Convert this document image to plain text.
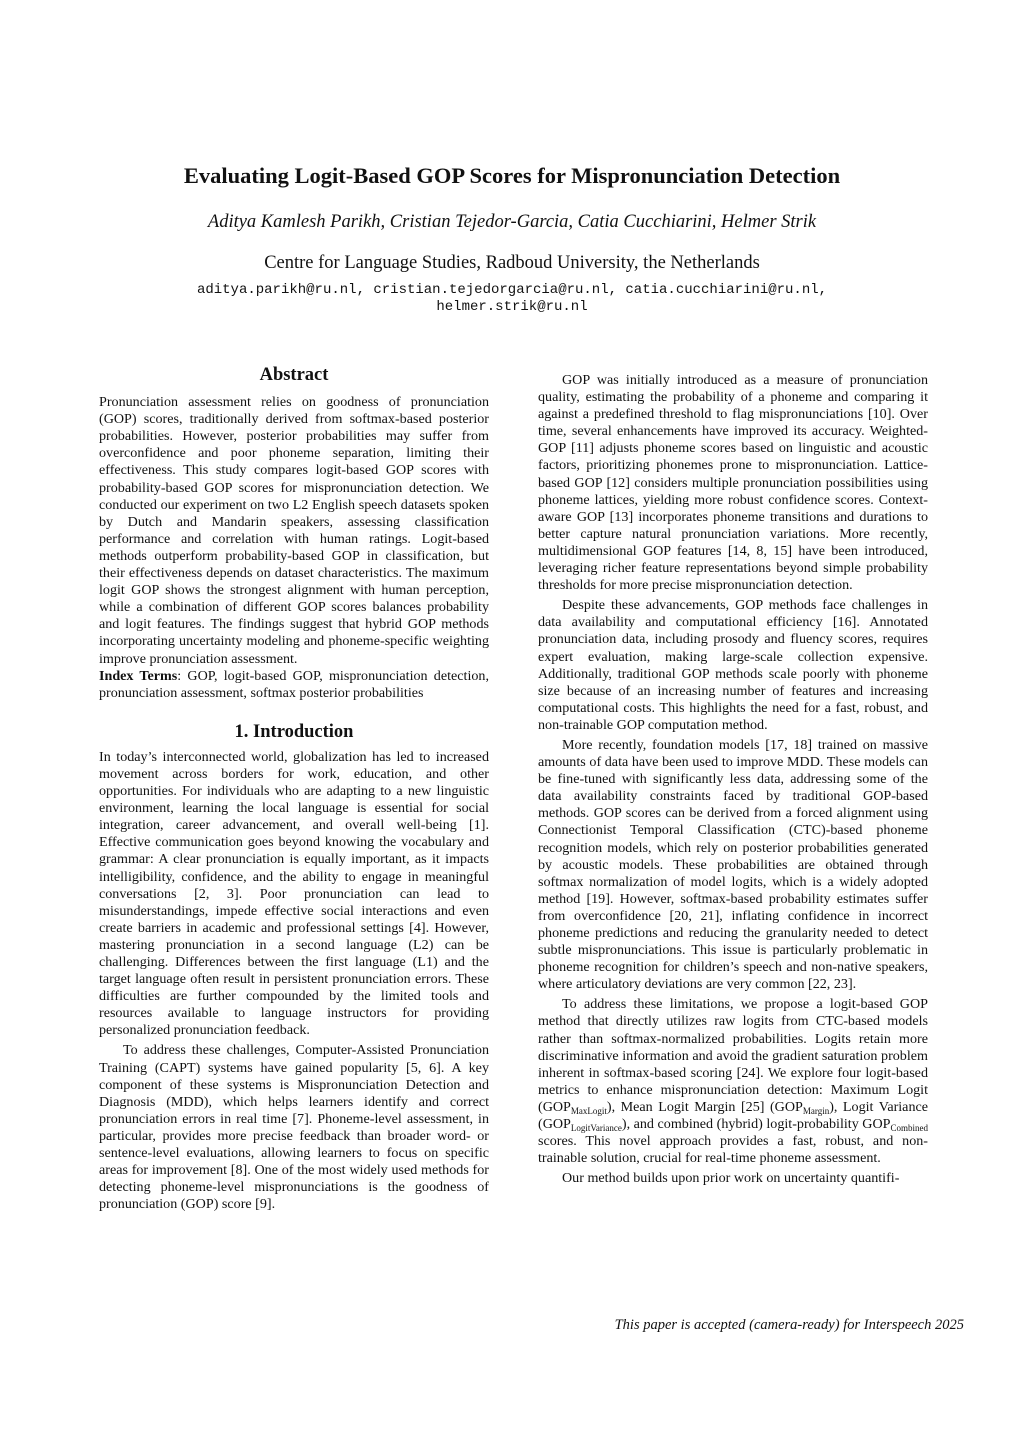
Evaluating Logit-Based GOP Scores for Mispronunciation Detection

Aditya Kamlesh Parikh, Cristian Tejedor-Garcia, Catia Cucchiarini, Helmer Strik

Centre for Language Studies, Radboud University, the Netherlands

aditya.parikh@ru.nl, cristian.tejedorgarcia@ru.nl, catia.cucchiarini@ru.nl,
helmer.strik@ru.nl
Abstract

Pronunciation assessment relies on goodness of pronunciation (GOP) scores, traditionally derived from softmax-based posterior probabilities. However, posterior probabilities may suffer from overconfidence and poor phoneme separation, limiting their effectiveness. This study compares logit-based GOP scores with probability-based GOP scores for mispronunciation detection. We conducted our experiment on two L2 English speech datasets spoken by Dutch and Mandarin speakers, assessing classification performance and correlation with human ratings. Logit-based methods outperform probability-based GOP in classification, but their effectiveness depends on dataset characteristics. The maximum logit GOP shows the strongest alignment with human perception, while a combination of different GOP scores balances probability and logit features. The findings suggest that hybrid GOP methods incorporating uncertainty modeling and phoneme-specific weighting improve pronunciation assessment.

Index Terms: GOP, logit-based GOP, mispronunciation detection, pronunciation assessment, softmax posterior probabilities

1. Introduction

In today’s interconnected world, globalization has led to increased movement across borders for work, education, and other opportunities. For individuals who are adapting to a new linguistic environment, learning the local language is essential for social integration, career advancement, and overall well-being [1]. Effective communication goes beyond knowing the vocabulary and grammar: A clear pronunciation is equally important, as it impacts intelligibility, confidence, and the ability to engage in meaningful conversations [2, 3]. Poor pronunciation can lead to misunderstandings, impede effective social interactions and even create barriers in academic and professional settings [4]. However, mastering pronunciation in a second language (L2) can be challenging. Differences between the first language (L1) and the target language often result in persistent pronunciation errors. These difficulties are further compounded by the limited tools and resources available to language instructors for providing personalized pronunciation feedback.

To address these challenges, Computer-Assisted Pronunciation Training (CAPT) systems have gained popularity [5, 6]. A key component of these systems is Mispronunciation Detection and Diagnosis (MDD), which helps learners identify and correct pronunciation errors in real time [7]. Phoneme-level assessment, in particular, provides more precise feedback than broader word- or sentence-level evaluations, allowing learners to focus on specific areas for improvement [8]. One of the most widely used methods for detecting phoneme-level mispronunciations is the goodness of pronunciation (GOP) score [9].

GOP was initially introduced as a measure of pronunciation quality, estimating the probability of a phoneme and comparing it against a predefined threshold to flag mispronunciations [10]. Over time, several enhancements have improved its accuracy. Weighted-GOP [11] adjusts phoneme scores based on linguistic and acoustic factors, prioritizing phonemes prone to mispronunciation. Lattice-based GOP [12] considers multiple pronunciation possibilities using phoneme lattices, yielding more robust confidence scores. Context-aware GOP [13] incorporates phoneme transitions and durations to better capture natural pronunciation variations. More recently, multidimensional GOP features [14, 8, 15] have been introduced, leveraging richer feature representations beyond simple probability thresholds for more precise mispronunciation detection.

Despite these advancements, GOP methods face challenges in data availability and computational efficiency [16]. Annotated pronunciation data, including prosody and fluency scores, requires expert evaluation, making large-scale collection expensive. Additionally, traditional GOP methods scale poorly with phoneme size because of an increasing number of features and increasing computational costs. This highlights the need for a fast, robust, and non-trainable GOP computation method.

More recently, foundation models [17, 18] trained on massive amounts of data have been used to improve MDD. These models can be fine-tuned with significantly less data, addressing some of the data availability constraints faced by traditional GOP-based methods. GOP scores can be derived from a forced alignment using Connectionist Temporal Classification (CTC)-based phoneme recognition models, which rely on posterior probabilities generated by acoustic models. These probabilities are obtained through softmax normalization of model logits, which is a widely adopted method [19]. However, softmax-based probability estimates suffer from overconfidence [20, 21], inflating confidence in incorrect phoneme predictions and reducing the granularity needed to detect subtle mispronunciations. This issue is particularly problematic in phoneme recognition for children’s speech and non-native speakers, where articulatory deviations are very common [22, 23].

To address these limitations, we propose a logit-based GOP method that directly utilizes raw logits from CTC-based models rather than softmax-normalized probabilities. Logits retain more discriminative information and avoid the gradient saturation problem inherent in softmax-based scoring [24]. We explore four logit-based metrics to enhance mispronunciation detection: Maximum Logit $(GOP_{MaxLogit})$, Mean Logit Margin [25] $(GOP_{Margin})$, Logit Variance $(GOP_{LogitVariance})$, and combined (hybrid) logit-probability $GOP_{Combined}$ scores. This novel approach provides a fast, robust, and non-trainable solution, crucial for real-time phoneme assessment.

Our method builds upon prior work on uncertainty quantifi-

This paper is accepted (camera-ready) for Interspeech 2025
